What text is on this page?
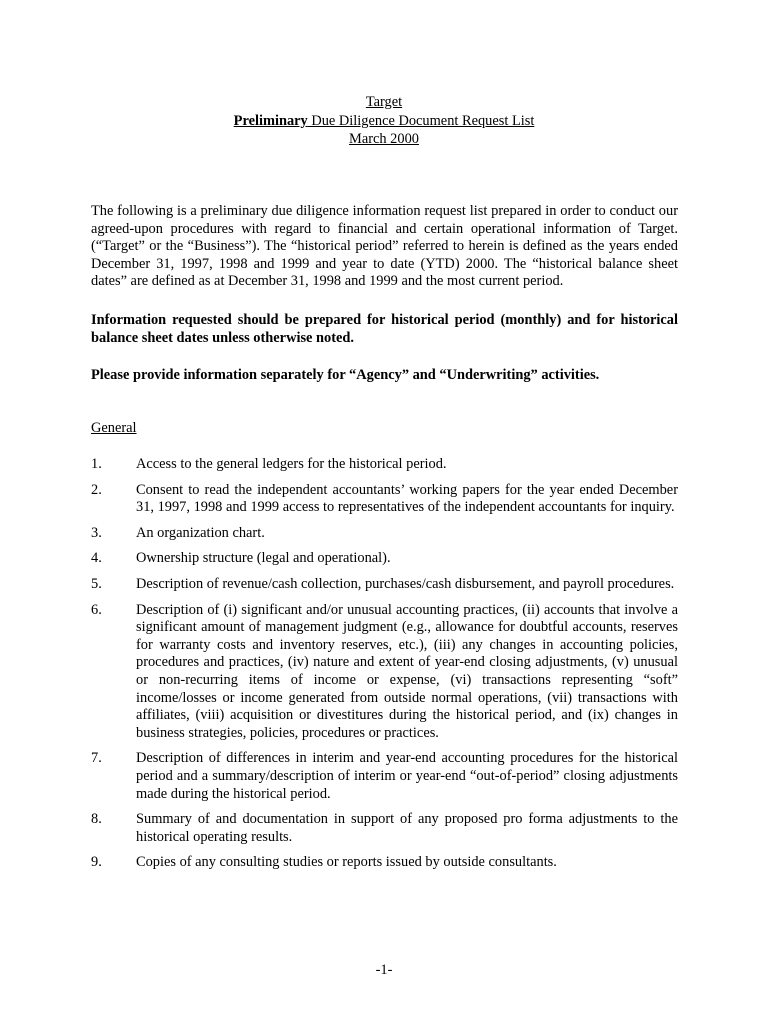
Target
Preliminary Due Diligence Document Request List
March 2000
The following is a preliminary due diligence information request list prepared in order to conduct our agreed-upon procedures with regard to financial and certain operational information of Target.(“Target” or the “Business”). The “historical period” referred to herein is defined as the years ended December 31, 1997, 1998 and 1999 and year to date (YTD) 2000. The “historical balance sheet dates” are defined as at December 31, 1998 and 1999 and the most current period.
Information requested should be prepared for historical period (monthly) and for historical balance sheet dates unless otherwise noted.
Please provide information separately for “Agency” and “Underwriting” activities.
General
1.	Access to the general ledgers for the historical period.
2.	Consent to read the independent accountants’ working papers for the year ended December 31, 1997, 1998 and 1999 access to representatives of the independent accountants for inquiry.
3.	An organization chart.
4.	Ownership structure (legal and operational).
5.	Description of revenue/cash collection, purchases/cash disbursement, and payroll procedures.
6.	Description of (i) significant and/or unusual accounting practices, (ii) accounts that involve a significant amount of management judgment (e.g., allowance for doubtful accounts, reserves for warranty costs and inventory reserves, etc.), (iii) any changes in accounting policies, procedures and practices, (iv) nature and extent of year-end closing adjustments, (v) unusual or non-recurring items of income or expense, (vi) transactions representing “soft” income/losses or income generated from outside normal operations, (vii) transactions with affiliates, (viii) acquisition or divestitures during the historical period, and (ix) changes in business strategies, policies, procedures or practices.
7.	Description of differences in interim and year-end accounting procedures for the historical period and a summary/description of interim or year-end “out-of-period” closing adjustments made during the historical period.
8.	Summary of and documentation in support of any proposed pro forma adjustments to the historical operating results.
9.	Copies of any consulting studies or reports issued by outside consultants.
-1-
